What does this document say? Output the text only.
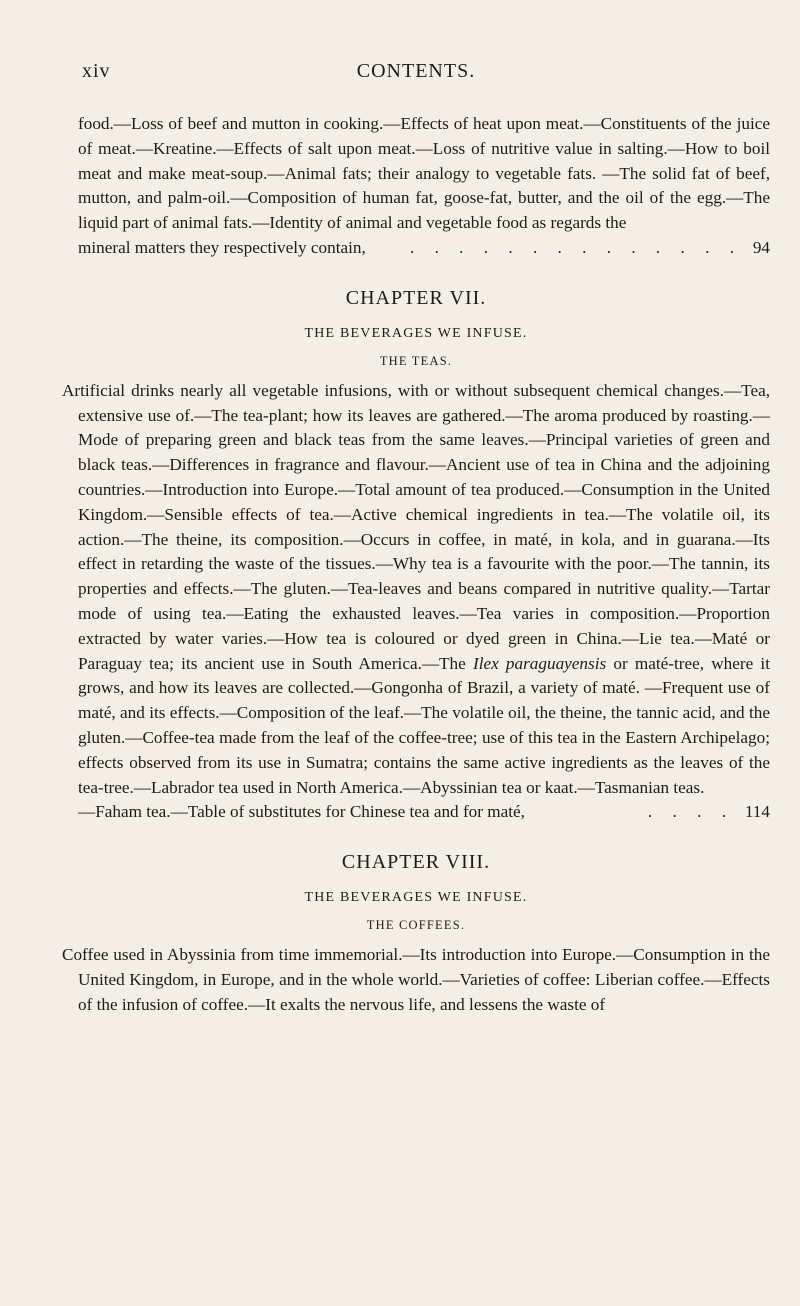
xiv	CONTENTS.

food.—Loss of beef and mutton in cooking.—Effects of heat upon meat.—Constituents of the juice of meat.—Kreatine.—Effects of salt upon meat.—Loss of nutritive value in salting.—How to boil meat and make meat-soup.—Animal fats; their analogy to vegetable fats. —The solid fat of beef, mutton, and palm-oil.—Composition of human fat, goose-fat, butter, and the oil of the egg.—The liquid part of animal fats.—Identity of animal and vegetable food as regards the

mineral matters they respectively contain,	. . . . . . . . . . . . . . 94

CHAPTER VII.

THE BEVERAGES WE INFUSE.

THE TEAS.

Artificial drinks nearly all vegetable infusions, with or without subsequent chemical changes.—Tea, extensive use of.—The tea-plant; how its leaves are gathered.—The aroma produced by roasting.—Mode of preparing green and black teas from the same leaves.—Principal varieties of green and black teas.—Differences in fragrance and flavour.—Ancient use of tea in China and the adjoining countries.—Introduction into Europe.—Total amount of tea produced.—Consumption in the United Kingdom.—Sensible effects of tea.—Active chemical ingredients in tea.—The volatile oil, its action.—The theine, its composition.—Occurs in coffee, in maté, in kola, and in guarana.—Its effect in retarding the waste of the tissues.—Why tea is a favourite with the poor.—The tannin, its properties and effects.—The gluten.—Tea-leaves and beans compared in nutritive quality.—Tartar mode of using tea.—Eating the exhausted leaves.—Tea varies in composition.—Proportion extracted by water varies.—How tea is coloured or dyed green in China.—Lie tea.—Maté or Paraguay tea; its ancient use in South America.—The Ilex paraguayensis or maté-tree, where it grows, and how its leaves are collected.—Gongonha of Brazil, a variety of maté. —Frequent use of maté, and its effects.—Composition of the leaf.—The volatile oil, the theine, the tannic acid, and the gluten.—Coffee-tea made from the leaf of the coffee-tree; use of this tea in the Eastern Archipelago; effects observed from its use in Sumatra; contains the same active ingredients as the leaves of the tea-tree.—Labrador tea used in North America.—Abyssinian tea or kaat.—Tasmanian teas.

—Faham tea.—Table of substitutes for Chinese tea and for maté,	. . . . 114

CHAPTER VIII.

THE BEVERAGES WE INFUSE.

THE COFFEES.

Coffee used in Abyssinia from time immemorial.—Its introduction into Europe.—Consumption in the United Kingdom, in Europe, and in the whole world.—Varieties of coffee: Liberian coffee.—Effects of the infusion of coffee.—It exalts the nervous life, and lessens the waste of
